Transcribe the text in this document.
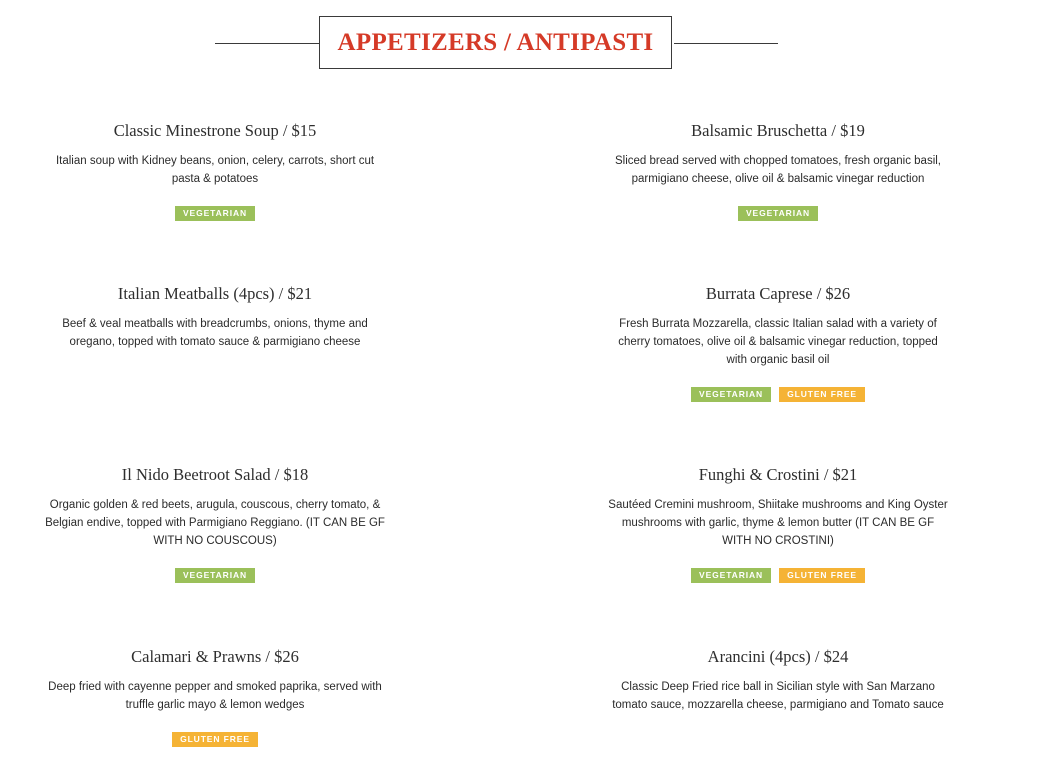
APPETIZERS / ANTIPASTI
Classic Minestrone Soup / $15
Italian soup with Kidney beans, onion, celery, carrots, short cut pasta & potatoes
VEGETARIAN
Balsamic Bruschetta / $19
Sliced bread served with chopped tomatoes, fresh organic basil, parmigiano cheese, olive oil & balsamic vinegar reduction
VEGETARIAN
Italian Meatballs (4pcs) / $21
Beef & veal meatballs with breadcrumbs, onions, thyme and oregano, topped with tomato sauce & parmigiano cheese
Burrata Caprese / $26
Fresh Burrata Mozzarella, classic Italian salad with a variety of cherry tomatoes, olive oil & balsamic vinegar reduction, topped with organic basil oil
VEGETARIAN	GLUTEN FREE
Il Nido Beetroot Salad / $18
Organic golden & red beets, arugula, couscous, cherry tomato, & Belgian endive, topped with Parmigiano Reggiano. (IT CAN BE GF WITH NO COUSCOUS)
VEGETARIAN
Funghi & Crostini / $21
Sautéed Cremini mushroom, Shiitake mushrooms and King Oyster mushrooms with garlic, thyme & lemon butter (IT CAN BE GF WITH NO CROSTINI)
VEGETARIAN	GLUTEN FREE
Calamari & Prawns / $26
Deep fried with cayenne pepper and smoked paprika, served with truffle garlic mayo & lemon wedges
GLUTEN FREE
Arancini (4pcs) / $24
Classic Deep Fried rice ball in Sicilian style with San Marzano tomato sauce, mozzarella cheese, parmigiano and Tomato sauce
